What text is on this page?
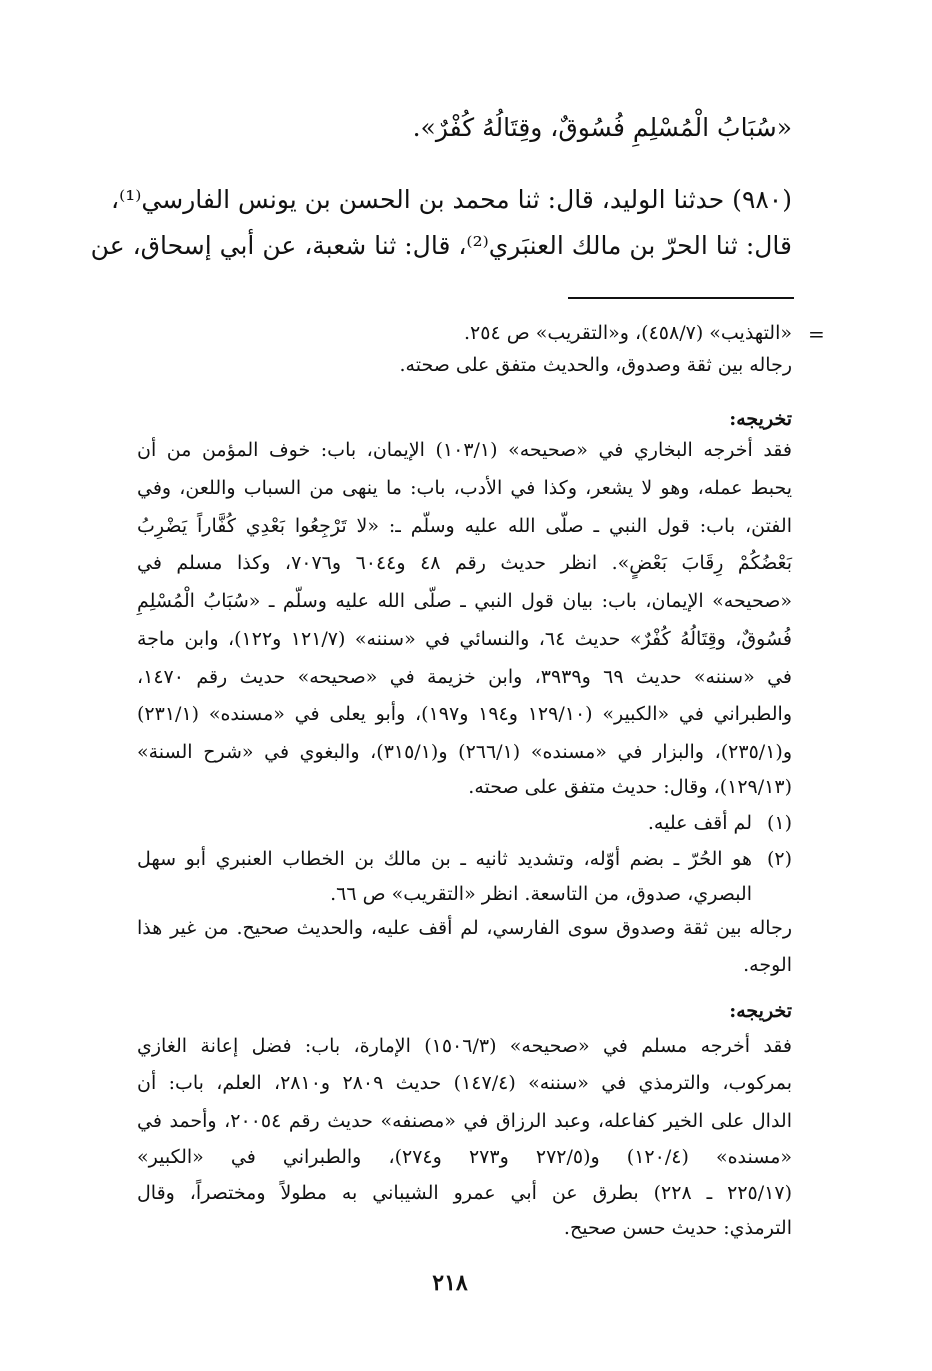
«سُبَابُ الْمُسْلِمِ فُسُوقٌ، وقِتَالُهُ كُفْرٌ».
(٩٨٠) حدثنا الوليد، قال: ثنا محمد بن الحسن بن يونس الفارسي⁽¹⁾،
قال: ثنا الحرّ بن مالك العنبَري⁽²⁾، قال: ثنا شعبة، عن أبي إسحاق، عن
=
«التهذيب» (٤٥٨/٧)، و«التقريب» ص ٢٥٤.
رجاله بين ثقة وصدوق، والحديث متفق على صحته.
تخريجه:
فقد أخرجه البخاري في «صحيحه» (١٠٣/١) الإيمان، باب: خوف المؤمن من أن
يحبط عمله، وهو لا يشعر، وكذا في الأدب، باب: ما ينهى من السباب واللعن، وفي
الفتن، باب: قول النبي ـ صلّى الله عليه وسلّم ـ: «لا تَرْجِعُوا بَعْدِي كُفَّاراً يَضْرِبُ
بَعْضُكُمْ رِقَابَ بَعْضٍ». انظر حديث رقم ٤٨ و٦٠٤٤ و٧٠٧٦، وكذا مسلم في
«صحيحه» الإيمان، باب: بيان قول النبي ـ صلّى الله عليه وسلّم ـ «سُبَابُ الْمُسْلِمِ
فُسُوقٌ، وقِتَالُهُ كُفْرٌ» حديث ٦٤، والنسائي في «سننه» (١٢١/٧ و١٢٢)، وابن ماجة
في «سننه» حديث ٦٩ و٣٩٣٩، وابن خزيمة في «صحيحه» حديث رقم ١٤٧٠،
والطبراني في «الكبير» (١٢٩/١٠ و١٩٤ و١٩٧)، وأبو يعلى في «مسنده» (٢٣١/١)
و(٢٣٥/١)، والبزار في «مسنده» (٢٦٦/١) و(٣١٥/١)، والبغوي في «شرح السنة»
(١٢٩/١٣)، وقال: حديث متفق على صحته.
(١)
لم أقف عليه.
(٢)
هو الحُرّ ـ بضم أوّله، وتشديد ثانيه ـ بن مالك بن الخطاب العنبري أبو سهل
البصري، صدوق، من التاسعة. انظر «التقريب» ص ٦٦.
رجاله بين ثقة وصدوق سوى الفارسي، لم أقف عليه، والحديث صحيح. من غير هذا
الوجه.
تخريجه:
فقد أخرجه مسلم في «صحيحه» (١٥٠٦/٣) الإمارة، باب: فضل إعانة الغازي
بمركوب، والترمذي في «سننه» (١٤٧/٤) حديث ٢٨٠٩ و٢٨١٠، العلم، باب: أن
الدال على الخير كفاعله، وعبد الرزاق في «مصنفه» حديث رقم ٢٠٠٥٤، وأحمد في
«مسنده» (١٢٠/٤) و(٢٧٢/٥ و٢٧٣ و٢٧٤)، والطبراني في «الكبير»
(٢٢٥/١٧ ـ ٢٢٨) بطرق عن أبي عمرو الشيباني به مطولاً ومختصراً، وقال
الترمذي: حديث حسن صحيح.
٢١٨
